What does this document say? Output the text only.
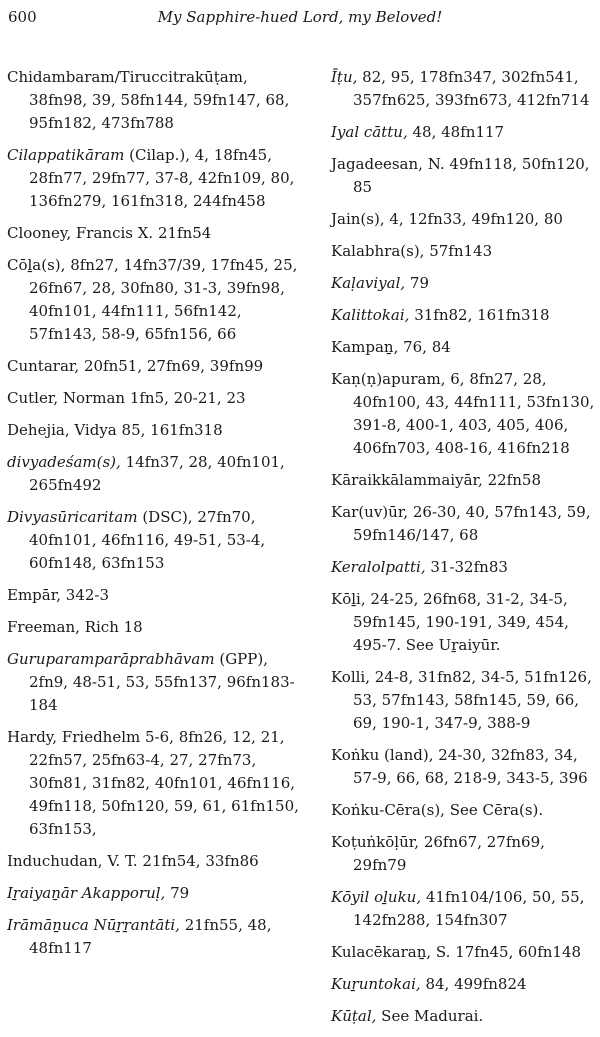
600	My Sapphire-hued Lord, my Beloved!
Chidambaram/Tiruccitrakūṭam, 38fn98, 39, 58fn144, 59fn147, 68, 95fn182, 473fn788
Cilappatikāram (Cilap.), 4, 18fn45, 28fn77, 29fn77, 37-8, 42fn109, 80, 136fn279, 161fn318, 244fn458
Clooney, Francis X. 21fn54
Cōḻa(s), 8fn27, 14fn37/39, 17fn45, 25, 26fn67, 28, 30fn80, 31-3, 39fn98, 40fn101, 44fn111, 56fn142, 57fn143, 58-9, 65fn156, 66
Cuntarar, 20fn51, 27fn69, 39fn99
Cutler, Norman 1fn5, 20-21, 23
Dehejia, Vidya 85, 161fn318
divyadeśam(s), 14fn37, 28, 40fn101, 265fn492
Divyasūricaritam (DSC), 27fn70, 40fn101, 46fn116, 49-51, 53-4, 60fn148, 63fn153
Empār, 342-3
Freeman, Rich 18
Guruparamparāprabhāvam (GPP), 2fn9, 48-51, 53, 55fn137, 96fn183-184
Hardy, Friedhelm 5-6, 8fn26, 12, 21, 22fn57, 25fn63-4, 27, 27fn73, 30fn81, 31fn82, 40fn101, 46fn116, 49fn118, 50fn120, 59, 61, 61fn150, 63fn153,
Induchudan, V. T. 21fn54, 33fn86
Iṟaiyaṉār Akapporuḷ, 79
Irāmāṉuca Nūṟṟantāti, 21fn55, 48, 48fn117
Īṭu, 82, 95, 178fn347, 302fn541, 357fn625, 393fn673, 412fn714
Iyal cāttu, 48, 48fn117
Jagadeesan, N. 49fn118, 50fn120, 85
Jain(s), 4, 12fn33, 49fn120, 80
Kalabhra(s), 57fn143
Kaḷaviyal, 79
Kalittokai, 31fn82, 161fn318
Kampaṉ, 76, 84
Kaṇ(ṇ)apuram, 6, 8fn27, 28, 40fn100, 43, 44fn111, 53fn130, 391-8, 400-1, 403, 405, 406, 406fn703, 408-16, 416fn218
Kāraikkālammaiyār, 22fn58
Kar(uv)ūr, 26-30, 40, 57fn143, 59, 59fn146/147, 68
Keralolpatti, 31-32fn83
Kōḻi, 24-25, 26fn68, 31-2, 34-5, 59fn145, 190-191, 349, 454, 495-7. See Uṟaiyūr.
Kolli, 24-8, 31fn82, 34-5, 51fn126, 53, 57fn143, 58fn145, 59, 66, 69, 190-1, 347-9, 388-9
Koṅku (land), 24-30, 32fn83, 34, 57-9, 66, 68, 218-9, 343-5, 396
Koṅku-Cēra(s), See Cēra(s).
Koṭuṅkōḷūr, 26fn67, 27fn69, 29fn79
Kōyil oḻuku, 41fn104/106, 50, 55, 142fn288, 154fn307
Kulacēkaraṉ, S. 17fn45, 60fn148
Kuṟuntokai, 84, 499fn824
Kūṭal, See Madurai.
